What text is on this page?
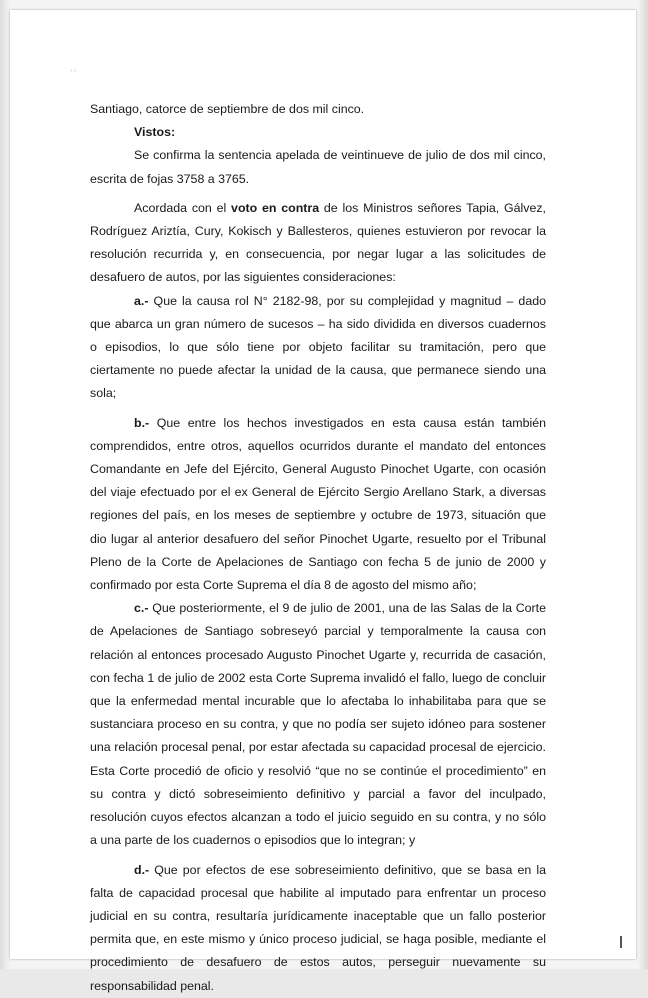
’ ′

Santiago, catorce de septiembre de dos mil cinco.

Vistos:

Se confirma la sentencia apelada de veintinueve de julio de dos mil cinco, escrita de fojas 3758 a 3765.

Acordada con el voto en contra de los Ministros señores Tapia, Gálvez, Rodríguez Ariztía, Cury, Kokisch y Ballesteros, quienes estuvieron por revocar la resolución recurrida y, en consecuencia, por negar lugar a las solicitudes de desafuero de autos, por las siguientes consideraciones:

a.- Que la causa rol N° 2182-98, por su complejidad y magnitud – dado que abarca un gran número de sucesos – ha sido dividida en diversos cuadernos o episodios, lo que sólo tiene por objeto facilitar su tramitación, pero que ciertamente no puede afectar la unidad de la causa, que permanece siendo una sola;

b.- Que entre los hechos investigados en esta causa están también comprendidos, entre otros, aquellos ocurridos durante el mandato del entonces Comandante en Jefe del Ejército, General Augusto Pinochet Ugarte, con ocasión del viaje efectuado por el ex General de Ejército Sergio Arellano Stark, a diversas regiones del país, en los meses de septiembre y octubre de 1973, situación que dio lugar al anterior desafuero del señor Pinochet Ugarte, resuelto por el Tribunal Pleno de la Corte de Apelaciones de Santiago con fecha 5 de junio de 2000 y confirmado por esta Corte Suprema el día 8 de agosto del mismo año;

c.- Que posteriormente, el 9 de julio de 2001, una de las Salas de la Corte de Apelaciones de Santiago sobreseyó parcial y temporalmente la causa con relación al entonces procesado Augusto Pinochet Ugarte y, recurrida de casación, con fecha 1 de julio de 2002 esta Corte Suprema invalidó el fallo, luego de concluir que la enfermedad mental incurable que lo afectaba lo inhabilitaba para que se sustanciara proceso en su contra, y que no podía ser sujeto idóneo para sostener una relación procesal penal, por estar afectada su capacidad procesal de ejercicio. Esta Corte procedió de oficio y resolvió “que no se continúe el procedimiento” en su contra y dictó sobreseimiento definitivo y parcial a favor del inculpado, resolución cuyos efectos alcanzan a todo el juicio seguido en su contra, y no sólo a una parte de los cuadernos o episodios que lo integran; y

d.- Que por efectos de ese sobreseimiento definitivo, que se basa en la falta de capacidad procesal que habilite al imputado para enfrentar un proceso judicial en su contra, resultaría jurídicamente inaceptable que un fallo posterior permita que, en este mismo y único proceso judicial, se haga posible, mediante el procedimiento de desafuero de estos autos, perseguir nuevamente su responsabilidad penal.
